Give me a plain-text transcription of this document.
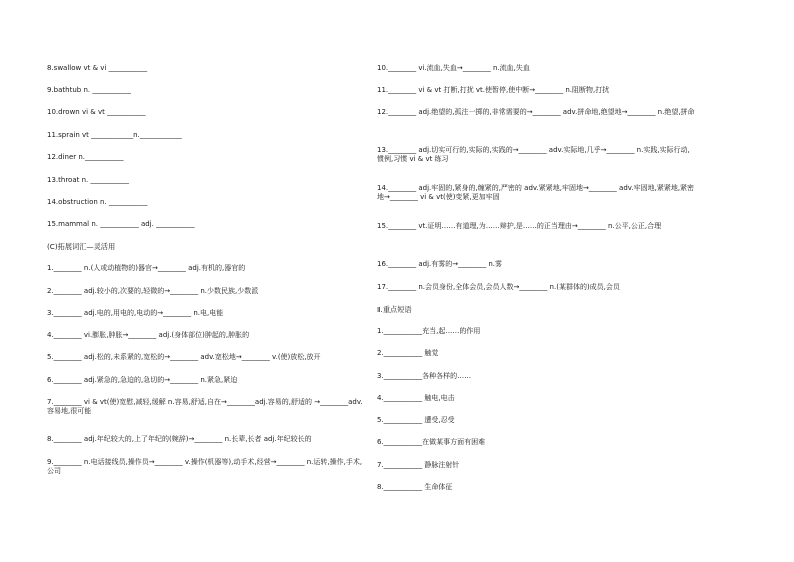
8.swallow vt & vi ___________
9.bathtub n. ___________
10.drown vi & vt ___________
11.sprain vt ____________n.____________
12.diner n.___________
13.throat n. ___________
14.obstruction n. ___________
15.mammal n. ___________ adj. ___________
(C)拓展词汇—灵活用
1.________ n.(人或动植物的)器官→________ adj.有机的,器官的
2.________ adj.较小的,次要的,轻微的→________ n.少数民族,少数派
3.________ adj.电的,用电的,电动的→________ n.电,电能
4.________ vi.膨胀,肿胀→________ adj.(身体部位)肿起的,肿胀的
5.________ adj.松的,未系紧的,宽松的→________ adv.宽松地→________ v.(使)放松,放开
6.________ adj.紧急的,急迫的,急切的→________ n.紧急,紧迫
7.________ vi & vt(使)宽慰,减轻,缓解 n.容易,舒适,自在→________adj.容易的,舒适的 →________adv.容易地,很可能
8.________ adj.年纪较大的,上了年纪的(婉辞)→________ n.长辈,长者 adj.年纪较长的
9.________ n.电话接线员,操作员→________ v.操作(机器等),动手术,经营→________ n.运转,操作,手术,公司
10.________ vi.流血,失血→________ n.流血,失血
11.________ vi & vt 打断,打扰 vt.使暂停,使中断→________ n.阻断物,打扰
12.________ adj.绝望的,孤注一掷的,非常需要的→________ adv.拼命地,绝望地→________ n.绝望,拼命
13.________ adj.切实可行的,实际的,实践的→________ adv.实际地,几乎→________ n.实践,实际行动,惯例,习惯 vi & vt 练习
14.________ adj.牢固的,紧身的,缠紧的,严密的 adv.紧紧地,牢固地→________ adv.牢固地,紧紧地,紧密地→________ vi & vt(使)变紧,更加牢固
15.________ vt.证明……有道理,为……辩护,是……的正当理由→________ n.公平,公正,合理
16.________ adj.有雾的→________ n.雾
17.________ n.会员身份,全体会员,会员人数→________ n.(某群体的)成员,会员
Ⅱ.重点短语
1.___________充当,起……的作用
2.___________ 触觉
3.___________各种各样的……
4.___________ 触电,电击
5.___________ 遭受,忍受
6.___________在做某事方面有困难
7.___________ 静脉注射针
8.___________ 生命体征
